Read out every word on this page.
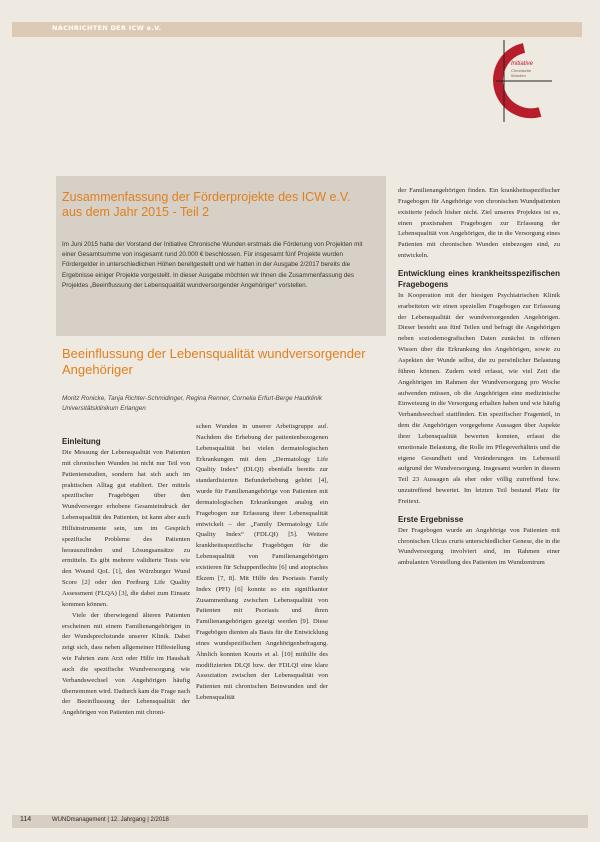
NACHRICHTEN DER ICW e.V.
Initiative
Chronische
Wunden
Zusammenfassung der Förderprojekte des ICW e.V. aus dem Jahr 2015 - Teil 2

Im Juni 2015 hatte der Vorstand der Initiative Chronische Wunden erstmals die Förderung von Projekten mit einer Gesamtsumme von insgesamt rund 20.000 € beschlossen. Für insgesamt fünf Projekte wurden Fördergelder in unterschiedlichen Höhen bereitgestellt und wir hatten in der Ausgabe 2/2017 bereits die Ergebnisse einiger Projekte vorgestellt. In dieser Ausgabe möchten wir Ihnen die Zusammenfassung des Projektes „Beeinflussung der Lebensqualität wundversorgender Angehöriger“ vorstellen.

Beeinflussung der Lebensqualität wundversorgender Angehöriger

Moritz Ronicke, Tanja Richter-Schmidinger, Regina Renner, Cornelia Erfurt-Berge Hautklinik Universitätsklinikum Erlangen

Einleitung

Die Messung der Lebensqualität von Patienten mit chronischen Wunden ist nicht nur Teil von Patientenstudien, sondern hat sich auch im praktischen Alltag gut etabliert. Der mittels spezifischer Fragebögen über den Wundversorger erhobene Gesamteindruck der Lebensqualität des Patienten, ist kann aber auch Hilfsinstrumente sein, um im Gespräch spezifische Probleme des Patienten herauszufinden und Lösungsansätze zu ermitteln. Es gibt mehrere validierte Tests wie den Wound QoL [1], den Würzburger Wund Score [2] oder den Freiburg Life Quality Assessment (FLQA) [3], die dabei zum Einsatz kommen können.

Viele der überwiegend älteren Patienten erscheinen mit einem Familienangehörigen in der Wundsprechstunde unserer Klinik. Dabei zeigt sich, dass neben allgemeiner Hilfestellung wie Fahrten zum Arzt oder Hilfe im Haushalt auch die spezifische Wundversorgung wie Verbandswechsel von Angehörigen häufig übernommen wird. Dadurch kam die Frage nach der Beeinflussung der Lebensqualität der Angehörigen von Patienten mit chroni-

schen Wunden in unserer Arbeitsgruppe auf. Nachdem die Erhebung der patientenbezogenen Lebensqualität bei vielen dermatologischen Erkrankungen mit dem „Dermatology Life Quality Index“ (DLQI) ebenfalls bereits zur standardisierten Befunderhebung gehört [4], wurde für Familienangehörige von Patienten mit dermatologischen Erkrankungen analog ein Fragebogen zur Erfassung ihrer Lebensqualität entwickelt – der „Family Dermatology Life Quality Index“ (FDLQI) [5]. Weitere krankheitsspezifische Fragebögen für die Lebensqualität von Familienangehörigen existieren für Schuppenflechte [6] und atopisches Ekzem [7, 8]. Mit Hilfe des Psoriasis Family Index (PFI) [6] konnte so ein signifikanter Zusammenhang zwischen Lebensqualität von Patienten mit Psoriasis und ihren Familienangehörigen gezeigt werden [9]. Diese Fragebögen dienten als Basis für die Entwicklung eines wundspezifischen Angehörigenbefragung. Ähnlich konnten Kouris et al. [10] mithilfe des modifizierten DLQI bzw. der FDLQI eine klare Assoziation zwischen der Lebensqualität von Patienten mit chronischen Beinwunden und der Lebensqualität

der Familienangehörigen finden. Ein krankheitsspezifischer Fragebogen für Angehörige von chronischen Wundpatienten existierte jedoch bisher nicht. Ziel unseres Projektes ist es, einen praxisnahen Fragebogen zur Erfassung der Lebensqualität von Angehörigen, die in die Versorgung eines Patienten mit chronischen Wunden einbezogen sind, zu entwickeln.

Entwicklung eines krankheitsspezifischen Fragebogens

In Kooperation mit der hiesigen Psychiatrischen Klinik erarbeiteten wir einen speziellen Fragebogen zur Erfassung der Lebensqualität der wundversorgenden Angehörigen. Dieser besteht aus fünf Teilen und befragt die Angehörigen neben soziodemografischen Daten zunächst in offenen Wissen über die Erkrankung des Angehörigen, sowie zu Aspekten der Wunde selbst, die zu persönlicher Belastung führen können. Zudem wird erfasst, wie viel Zeit die Angehörigen im Rahmen der Wundversorgung pro Woche aufwenden müssen, ob die Angehörigen eine medizinische Einweisung in die Versorgung erhalten haben und wie häufig Verbandswechsel stattfinden. Ein spezifischer Fragenteil, in dem die Angehörigen vorgegebene Aussagen über Aspekte ihrer Lebensqualität bewerten konnten, erfasst die emotionale Belastung, die Rolle im Pflegeverhältnis und die eigene Gesundheit und Veränderungen im Lebensstil aufgrund der Wundversorgung. Insgesamt wurden in diesem Teil 23 Aussagen als eher oder völlig zutreffend bzw. unzutreffend bewertet. Im letzten Teil bestand Platz für Freitext.

Erste Ergebnisse

Der Fragebogen wurde an Angehörige von Patienten mit chronischen Ulcus cruris unterschiedlicher Genese, die in die Wundversorgung involviert sind, im Rahmen einer ambulanten Vorstellung des Patienten im Wundzentrum

114	WUNDmanagement | 12. Jahrgang | 2/2018
